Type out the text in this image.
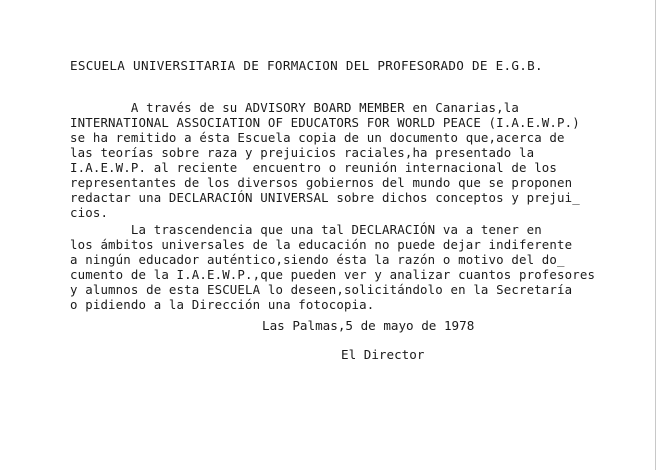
ESCUELA UNIVERSITARIA DE FORMACION DEL PROFESORADO DE E.G.B.
A través de su ADVISORY BOARD MEMBER en Canarias,la
INTERNATIONAL ASSOCIATION OF EDUCATORS FOR WORLD PEACE (I.A.E.W.P.)
se ha remitido a ésta Escuela copia de un documento que,acerca de
las teorías sobre raza y prejuicios raciales,ha presentado la
I.A.E.W.P. al reciente  encuentro o reunión internacional de los
representantes de los diversos gobiernos del mundo que se proponen
redactar una DECLARACIÓN UNIVERSAL sobre dichos conceptos y prejui_
cios.
La trascendencia que una tal DECLARACIÓN va a tener en
los ámbitos universales de la educación no puede dejar indiferente
a ningún educador auténtico,siendo ésta la razón o motivo del do_
cumento de la I.A.E.W.P.,que pueden ver y analizar cuantos profesores
y alumnos de esta ESCUELA lo deseen,solicitándolo en la Secretaría
o pidiendo a la Dirección una fotocopia.
Las Palmas,5 de mayo de 1978
El Director
